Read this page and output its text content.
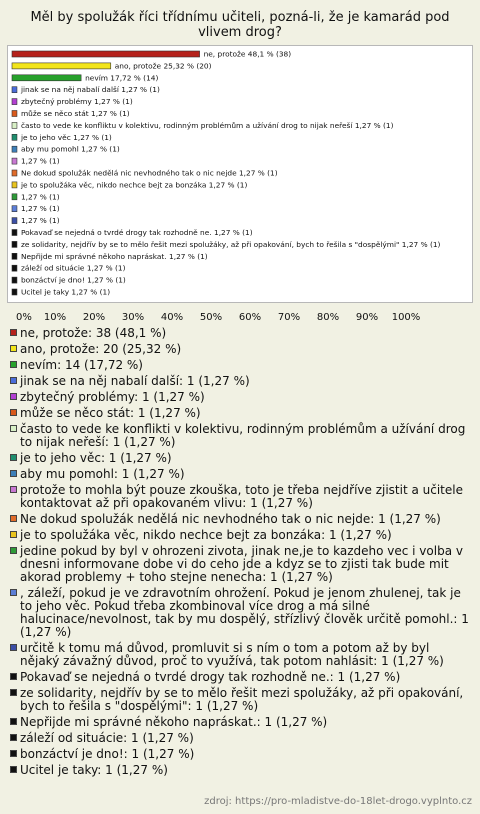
Měl by spolužák říci třídnímu učiteli, pozná-li, že je kamarád pod vlivem drog?
ne, protože 48,1 % (38)
ano, protože 25,32 % (20)
nevím 17,72 % (14)
jinak se na něj nabalí další 1,27 % (1)
zbytečný problémy 1,27 % (1)
může se něco stát 1,27 % (1)
často to vede ke konfliktu v kolektivu, rodinným problémům a užívání drog to nijak neřeší 1,27 % (1)
je to jeho věc 1,27 % (1)
aby mu pomohl 1,27 % (1)
1,27 % (1)
Ne dokud spolužák nedělá nic nevhodného tak o nic nejde 1,27 % (1)
je to spolužáka věc, nikdo nechce bejt za bonzáka 1,27 % (1)
1,27 % (1)
1,27 % (1)
1,27 % (1)
Pokavaď se nejedná o tvrdé drogy tak rozhodně ne. 1,27 % (1)
ze solidarity, nejdřív by se to mělo řešit mezi spolužáky, až při opakování, bych to řešila s "dospělými" 1,27 % (1)
Nepřijde mi správné někoho napráskat. 1,27 % (1)
záleží od situácie 1,27 % (1)
bonzáctví je dno! 1,27 % (1)
Ucitel je taky 1,27 % (1)
0% 10% 20% 30% 40% 50% 60% 70% 80% 90% 100%
ne, protože: 38 (48,1 %)
ano, protože: 20 (25,32 %)
nevím: 14 (17,72 %)
jinak se na něj nabalí další: 1 (1,27 %)
zbytečný problémy: 1 (1,27 %)
může se něco stát: 1 (1,27 %)
často to vede ke konflikti v kolektivu, rodinným problémům a užívání drog to nijak neřeší: 1 (1,27 %)
je to jeho věc: 1 (1,27 %)
aby mu pomohl: 1 (1,27 %)
protože to mohla být pouze zkouška, toto je třeba nejdříve zjistit a učitele kontaktovat až při opakovaném vlivu: 1 (1,27 %)
Ne dokud spolužák nedělá nic nevhodného tak o nic nejde: 1 (1,27 %)
je to spolužáka věc, nikdo nechce bejt za bonzáka: 1 (1,27 %)
jedine pokud by byl v ohrozeni zivota, jinak ne,je to kazdeho vec i volba v dnesni informovane dobe vi do ceho jde a kdyz se to zjisti tak bude mit akorad problemy + toho stejne nenecha: 1 (1,27 %)
, záleží, pokud je ve zdravotním ohrožení. Pokud je jenom zhulenej, tak je to jeho věc. Pokud třeba zkombinoval více drog a má silné halucinace/nevolnost, tak by mu dospělý, střízlivý člověk určitě pomohl.: 1 (1,27 %)
určitě k tomu má důvod, promluvit si s ním o tom a potom až by byl nějaký závažný důvod, proč to využívá, tak potom nahlásit: 1 (1,27 %)
Pokavaď se nejedná o tvrdé drogy tak rozhodně ne.: 1 (1,27 %)
ze solidarity, nejdřív by se to mělo řešit mezi spolužáky, až při opakování, bych to řešila s "dospělými": 1 (1,27 %)
Nepřijde mi správné někoho napráskat.: 1 (1,27 %)
záleží od situácie: 1 (1,27 %)
bonzáctví je dno!: 1 (1,27 %)
Ucitel je taky: 1 (1,27 %)
zdroj: https://pro-mladistve-do-18let-drogo.vyplnto.cz
